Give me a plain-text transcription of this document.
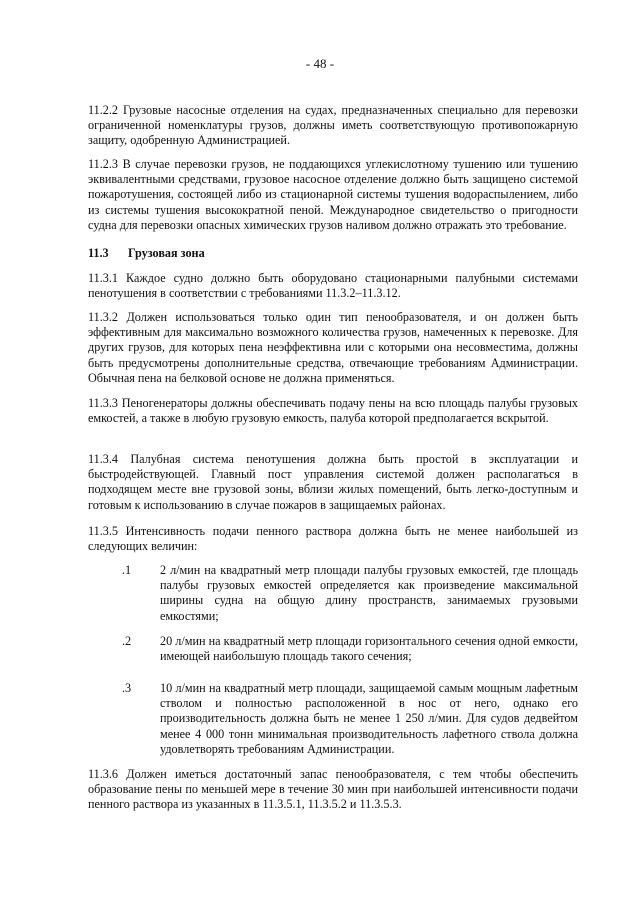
- 48 -
11.2.2 Грузовые насосные отделения на судах, предназначенных специально для перевозки ограниченной номенклатуры грузов, должны иметь соответствующую противопожарную защиту, одобренную Администрацией.
11.2.3 В случае перевозки грузов, не поддающихся углекислотному тушению или тушению эквивалентными средствами, грузовое насосное отделение должно быть защищено системой пожаротушения, состоящей либо из стационарной системы тушения водораспылением, либо из системы тушения высокократной пеной. Международное свидетельство о пригодности судна для перевозки опасных химических грузов наливом должно отражать это требование.
11.3 Грузовая зона
11.3.1 Каждое судно должно быть оборудовано стационарными палубными системами пенотушения в соответствии с требованиями 11.3.2–11.3.12.
11.3.2 Должен использоваться только один тип пенообразователя, и он должен быть эффективным для максимально возможного количества грузов, намеченных к перевозке. Для других грузов, для которых пена неэффективна или с которыми она несовместима, должны быть предусмотрены дополнительные средства, отвечающие требованиям Администрации. Обычная пена на белковой основе не должна применяться.
11.3.3 Пеногенераторы должны обеспечивать подачу пены на всю площадь палубы грузовых емкостей, а также в любую грузовую емкость, палуба которой предполагается вскрытой.
11.3.4 Палубная система пенотушения должна быть простой в эксплуатации и быстродействующей. Главный пост управления системой должен располагаться в подходящем месте вне грузовой зоны, вблизи жилых помещений, быть легко-доступным и готовым к использованию в случае пожаров в защищаемых районах.
11.3.5 Интенсивность подачи пенного раствора должна быть не менее наибольшей из следующих величин:
.1 2 л/мин на квадратный метр площади палубы грузовых емкостей, где площадь палубы грузовых емкостей определяется как произведение максимальной ширины судна на общую длину пространств, занимаемых грузовыми емкостями;
.2 20 л/мин на квадратный метр площади горизонтального сечения одной емкости, имеющей наибольшую площадь такого сечения;
.3 10 л/мин на квадратный метр площади, защищаемой самым мощным лафетным стволом и полностью расположенной в нос от него, однако его производительность должна быть не менее 1 250 л/мин. Для судов дедвейтом менее 4 000 тонн минимальная производительность лафетного ствола должна удовлетворять требованиям Администрации.
11.3.6 Должен иметься достаточный запас пенообразователя, с тем чтобы обеспечить образование пены по меньшей мере в течение 30 мин при наибольшей интенсивности подачи пенного раствора из указанных в 11.3.5.1, 11.3.5.2 и 11.3.5.3.
